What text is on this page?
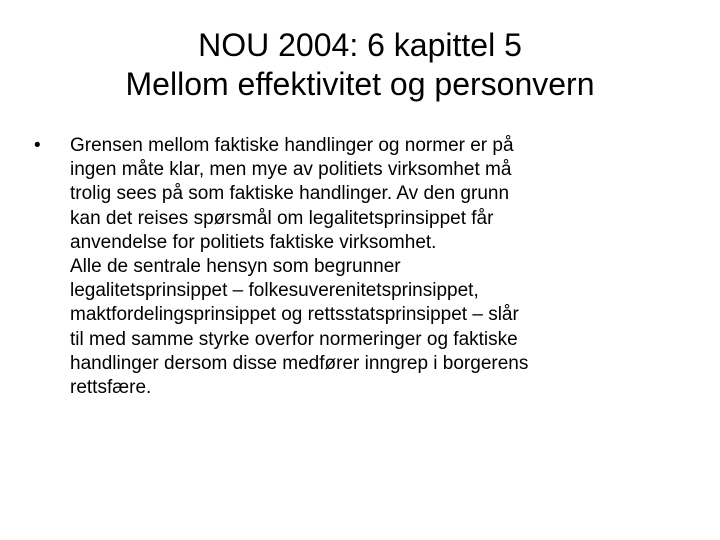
NOU 2004: 6 kapittel 5
Mellom effektivitet og personvern
•	Grensen mellom faktiske handlinger og normer er på
ingen måte klar, men mye av politiets virksomhet må
trolig sees på som faktiske handlinger. Av den grunn
kan det reises spørsmål om legalitetsprinsippet får
anvendelse for politiets faktiske virksomhet.

Alle de sentrale hensyn som begrunner
legalitetsprinsippet – folkesuverenitetsprinsippet,
maktfordelingsprinsippet og rettsstatsprinsippet – slår
til med samme styrke overfor normeringer og faktiske
handlinger dersom disse medfører inngrep i borgerens
rettsfære.
